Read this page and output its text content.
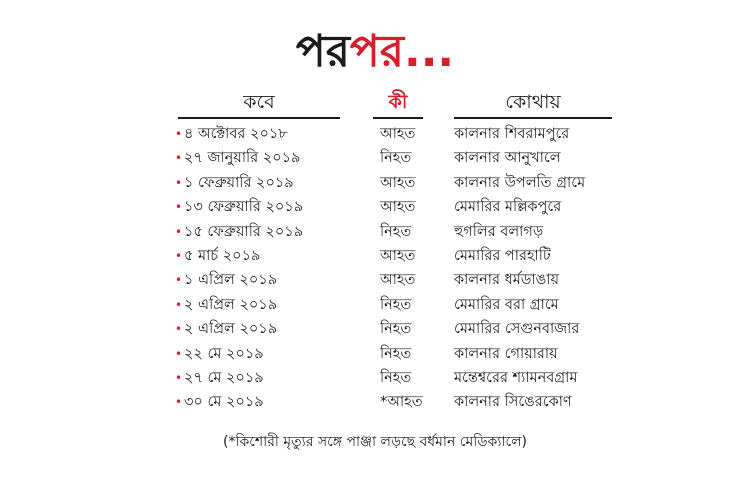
পরপর...
কবে	কী	কোথায়
• ৪ অক্টোবর ২০১৮	আহত	কালনার শিবরামপুরে
• ২৭ জানুয়ারি ২০১৯	নিহত	কালনার আনুখালে
• ১ ফেব্রুয়ারি ২০১৯	আহত	কালনার উপলতি গ্রামে
• ১৩ ফেব্রুয়ারি ২০১৯	আহত	মেমারির মল্লিকপুরে
• ১৫ ফেব্রুয়ারি ২০১৯	নিহত	হুগলির বলাগড়
• ৫ মার্চ ২০১৯	আহত	মেমারির পারহাটি
• ১ এপ্রিল ২০১৯	আহত	কালনার ধর্মডাঙায়
• ২ এপ্রিল ২০১৯	নিহত	মেমারির বরা গ্রামে
• ২ এপ্রিল ২০১৯	নিহত	মেমারির সেগুনবাজার
• ২২ মে ২০১৯	নিহত	কালনার গোয়ারায়
• ২৭ মে ২০১৯	নিহত	মন্তেশ্বরের শ্যামনবগ্রাম
• ৩০ মে ২০১৯	*আহত	কালনার সিঙেরকোণ
(*কিশোরী মৃত্যুর সঙ্গে পাঞ্জা লড়ছে বর্ধমান মেডিক্যালে)
